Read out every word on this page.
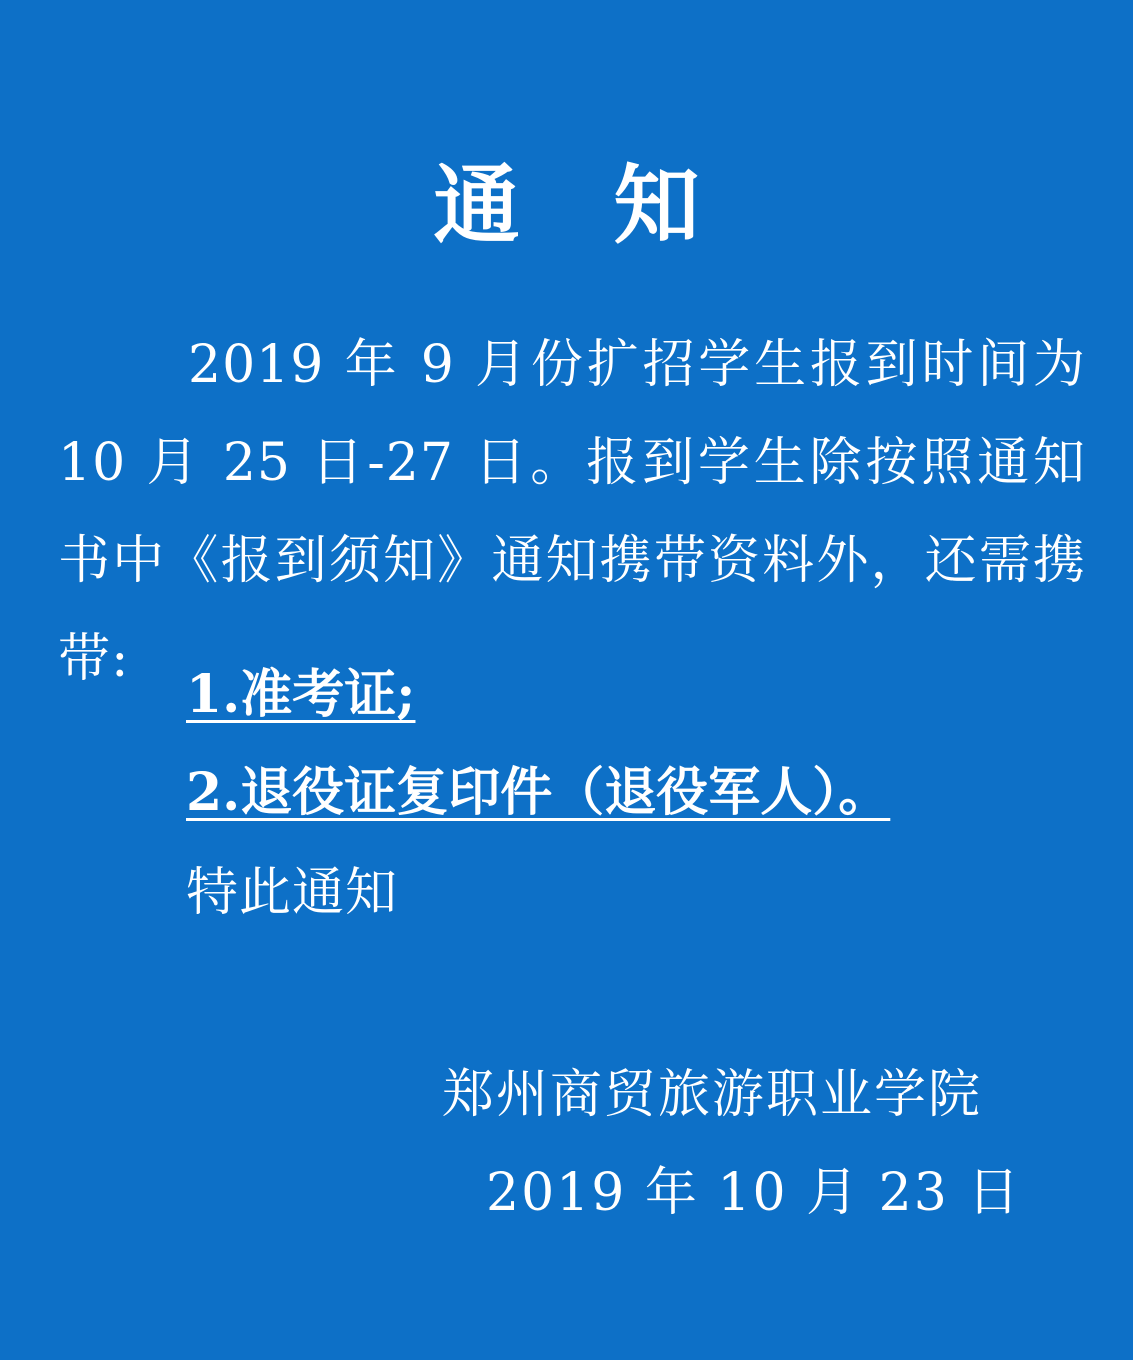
通 知

2019 年 9 月份扩招学生报到时间为 10 月 25 日-27 日。报到学生除按照通知书中《报到须知》通知携带资料外，还需携带:

1.准考证;
2.退役证复印件（退役军人）。
特此通知
郑州商贸旅游职业学院
2019 年 10 月 23 日
